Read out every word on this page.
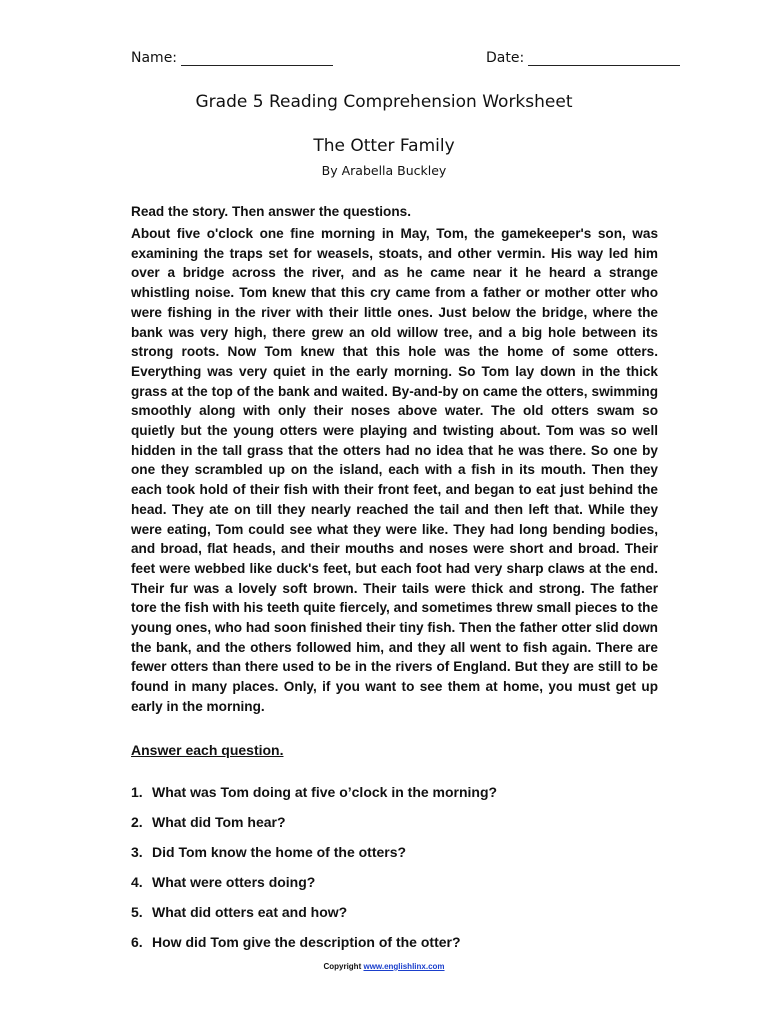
Name:	Date:
Grade 5 Reading Comprehension Worksheet
The Otter Family
By Arabella Buckley
Read the story. Then answer the questions.
About five o'clock one fine morning in May, Tom, the gamekeeper's son, was examining the traps set for weasels, stoats, and other vermin. His way led him over a bridge across the river, and as he came near it he heard a strange whistling noise. Tom knew that this cry came from a father or mother otter who were fishing in the river with their little ones. Just below the bridge, where the bank was very high, there grew an old willow tree, and a big hole between its strong roots. Now Tom knew that this hole was the home of some otters. Everything was very quiet in the early morning. So Tom lay down in the thick grass at the top of the bank and waited. By-and-by on came the otters, swimming smoothly along with only their noses above water. The old otters swam so quietly but the young otters were playing and twisting about. Tom was so well hidden in the tall grass that the otters had no idea that he was there. So one by one they scrambled up on the island, each with a fish in its mouth. Then they each took hold of their fish with their front feet, and began to eat just behind the head. They ate on till they nearly reached the tail and then left that. While they were eating, Tom could see what they were like. They had long bending bodies, and broad, flat heads, and their mouths and noses were short and broad. Their feet were webbed like duck's feet, but each foot had very sharp claws at the end. Their fur was a lovely soft brown. Their tails were thick and strong. The father tore the fish with his teeth quite fiercely, and sometimes threw small pieces to the young ones, who had soon finished their tiny fish. Then the father otter slid down the bank, and the others followed him, and they all went to fish again. There are fewer otters than there used to be in the rivers of England. But they are still to be found in many places. Only, if you want to see them at home, you must get up early in the morning.
Answer each question.
1. What was Tom doing at five o’clock in the morning?
2. What did Tom hear?
3. Did Tom know the home of the otters?
4. What were otters doing?
5. What did otters eat and how?
6. How did Tom give the description of the otter?
Copyright www.englishlinx.com
